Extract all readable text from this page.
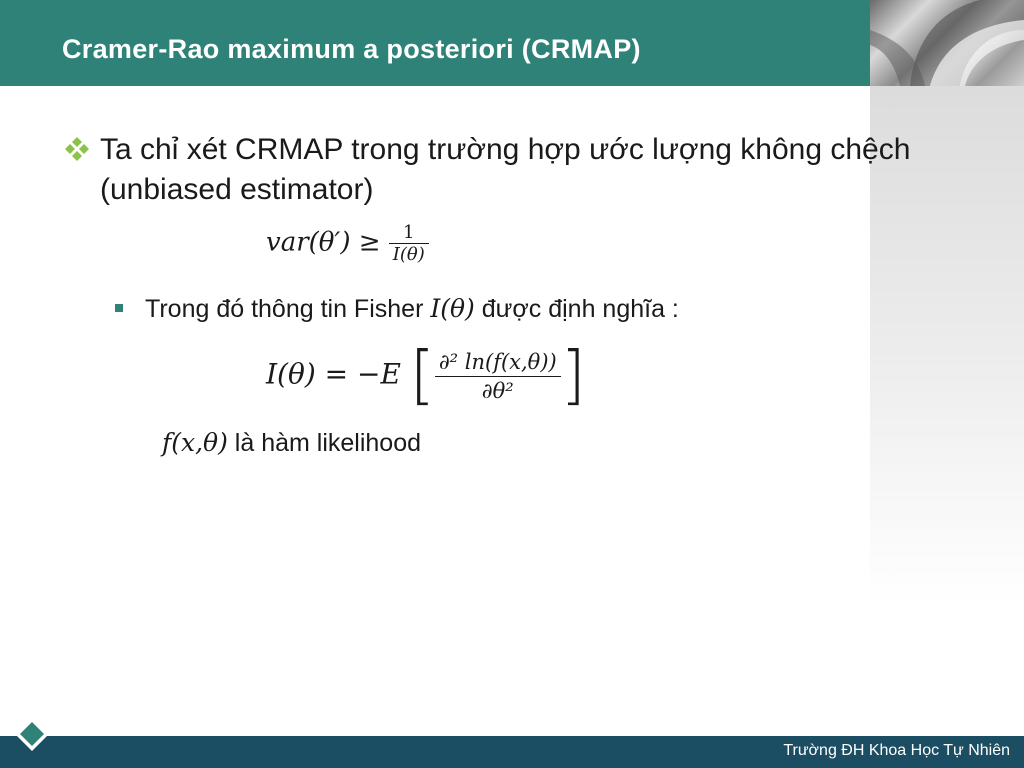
Cramer-Rao maximum a posteriori (CRMAP)
Ta chỉ xét CRMAP trong trường hợp ước lượng không chệch (unbiased estimator)
$var(\theta') \ge \frac{1}{I(\theta)}$
Trong đó thông tin Fisher I(θ) được định nghĩa :
I(θ) = −E [ $\frac{\text{∂² ln(f(x,θ))}}{\text{∂θ²}}$ ]
f(x,θ) là hàm likelihood
Trường ĐH Khoa Học Tự Nhiên
